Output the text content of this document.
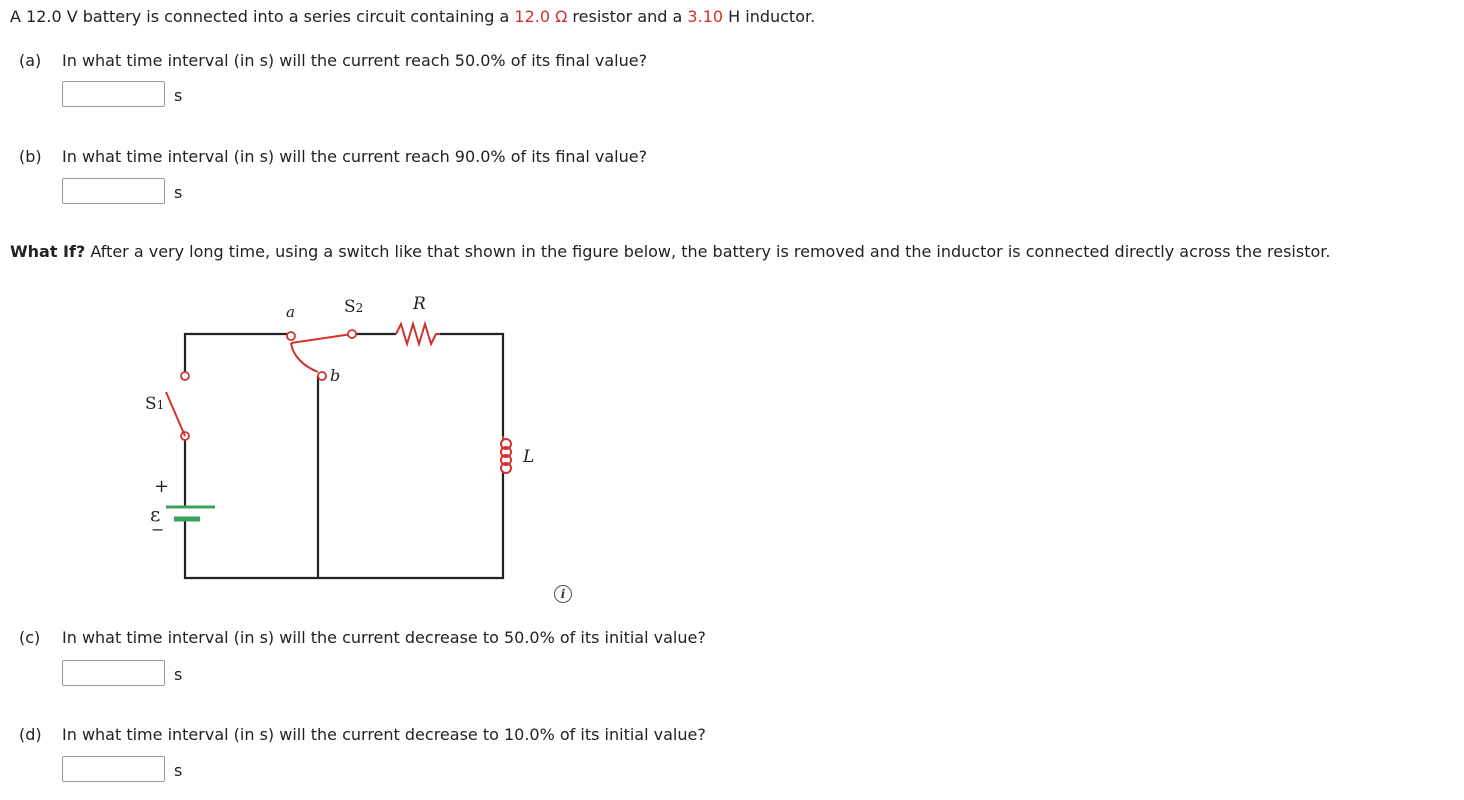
A 12.0 V battery is connected into a series circuit containing a 12.0 Ω resistor and a 3.10 H inductor.
(a) In what time interval (in s) will the current reach 50.0% of its final value?
s
(b) In what time interval (in s) will the current reach 90.0% of its final value?
s
What If? After a very long time, using a switch like that shown in the figure below, the battery is removed and the inductor is connected directly across the resistor.
a	S2	R
b
S1
L
+
ε
−
i
(c) In what time interval (in s) will the current decrease to 50.0% of its initial value?
s
(d) In what time interval (in s) will the current decrease to 10.0% of its initial value?
s
